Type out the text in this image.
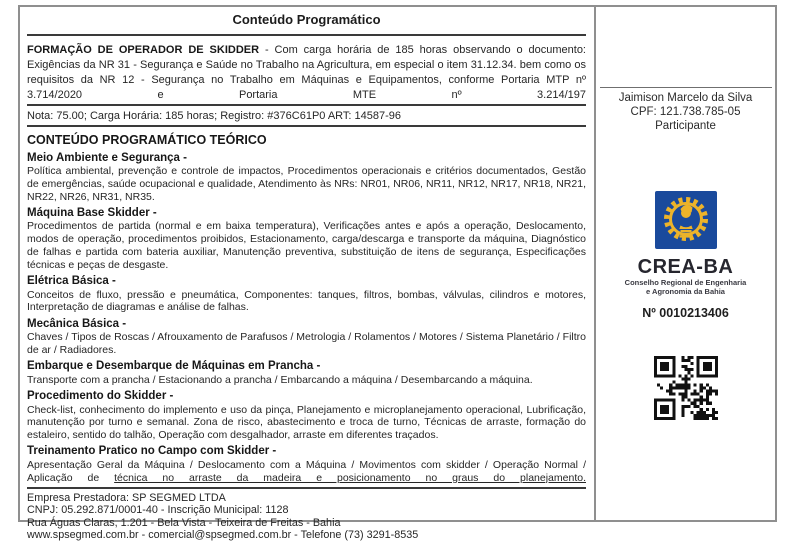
Conteúdo Programático

FORMAÇÃO DE OPERADOR DE SKIDDER - Com carga horária de 185 horas observando o documento: Exigências da NR 31 - Segurança e Saúde no Trabalho na Agricultura, em especial o item 31.12.34. bem como os requisitos da NR 12 - Segurança no Trabalho em Máquinas e Equipamentos, conforme Portaria MTP nº 3.714/2020 e Portaria MTE nº 3.214/197

Nota: 75.00; Carga Horária: 185 horas; Registro: #376C61P0 ART: 14587-96
CONTEÚDO PROGRAMÁTICO TEÓRICO
Meio Ambiente e Segurança -

Política ambiental, prevenção e controle de impactos, Procedimentos operacionais e critérios documentados, Gestão de emergências, saúde ocupacional e qualidade, Atendimento às NRs: NR01, NR06, NR11, NR12, NR17, NR18, NR21, NR22, NR26, NR31, NR35.

Máquina Base Skidder -

Procedimentos de partida (normal e em baixa temperatura), Verificações antes e após a operação, Deslocamento, modos de operação, procedimentos proibidos, Estacionamento, carga/descarga e transporte da máquina, Diagnóstico de falhas e partida com bateria auxiliar, Manutenção preventiva, substituição de itens de segurança, Especificações técnicas e peças de desgaste.

Elétrica Básica -

Conceitos de fluxo, pressão e pneumática, Componentes: tanques, filtros, bombas, válvulas, cilindros e motores, Interpretação de diagramas e análise de falhas.

Mecânica Básica -

Chaves / Tipos de Roscas / Afrouxamento de Parafusos / Metrologia / Rolamentos / Motores / Sistema Planetário / Filtro de ar / Radiadores.

Embarque e Desembarque de Máquinas em Prancha -

Transporte com a prancha / Estacionando a prancha / Embarcando a máquina / Desembarcando a máquina.

Procedimento do Skidder -

Check-list, conhecimento do implemento e uso da pinça, Planejamento e microplanejamento operacional, Lubrificação, manutenção por turno e semanal. Zona de risco, abastecimento e troca de turno, Técnicas de arraste, formação do estaleiro, sentido do talhão, Operação com desgalhador, arraste em diferentes traçados.

Treinamento Pratico no Campo com Skidder -

Apresentação Geral da Máquina / Deslocamento com a Máquina / Movimentos com skidder / Operação Normal / Aplicação de técnica no arraste da madeira e posicionamento no graus do planejamento.

Empresa Prestadora: SP SEGMED LTDA
CNPJ: 05.292.871/0001-40 - Inscrição Municipal: 1128
Rua Águas Claras, 1.201 - Bela Vista - Teixeira de Freitas - Bahia
www.spsegmed.com.br - comercial@spsegmed.com.br - Telefone (73) 3291-8535
Jaimison Marcelo da Silva
CPF: 121.738.785-05
Participante
CREA-BA
Conselho Regional de Engenharia
e Agronomia da Bahia
Nº 0010213406
